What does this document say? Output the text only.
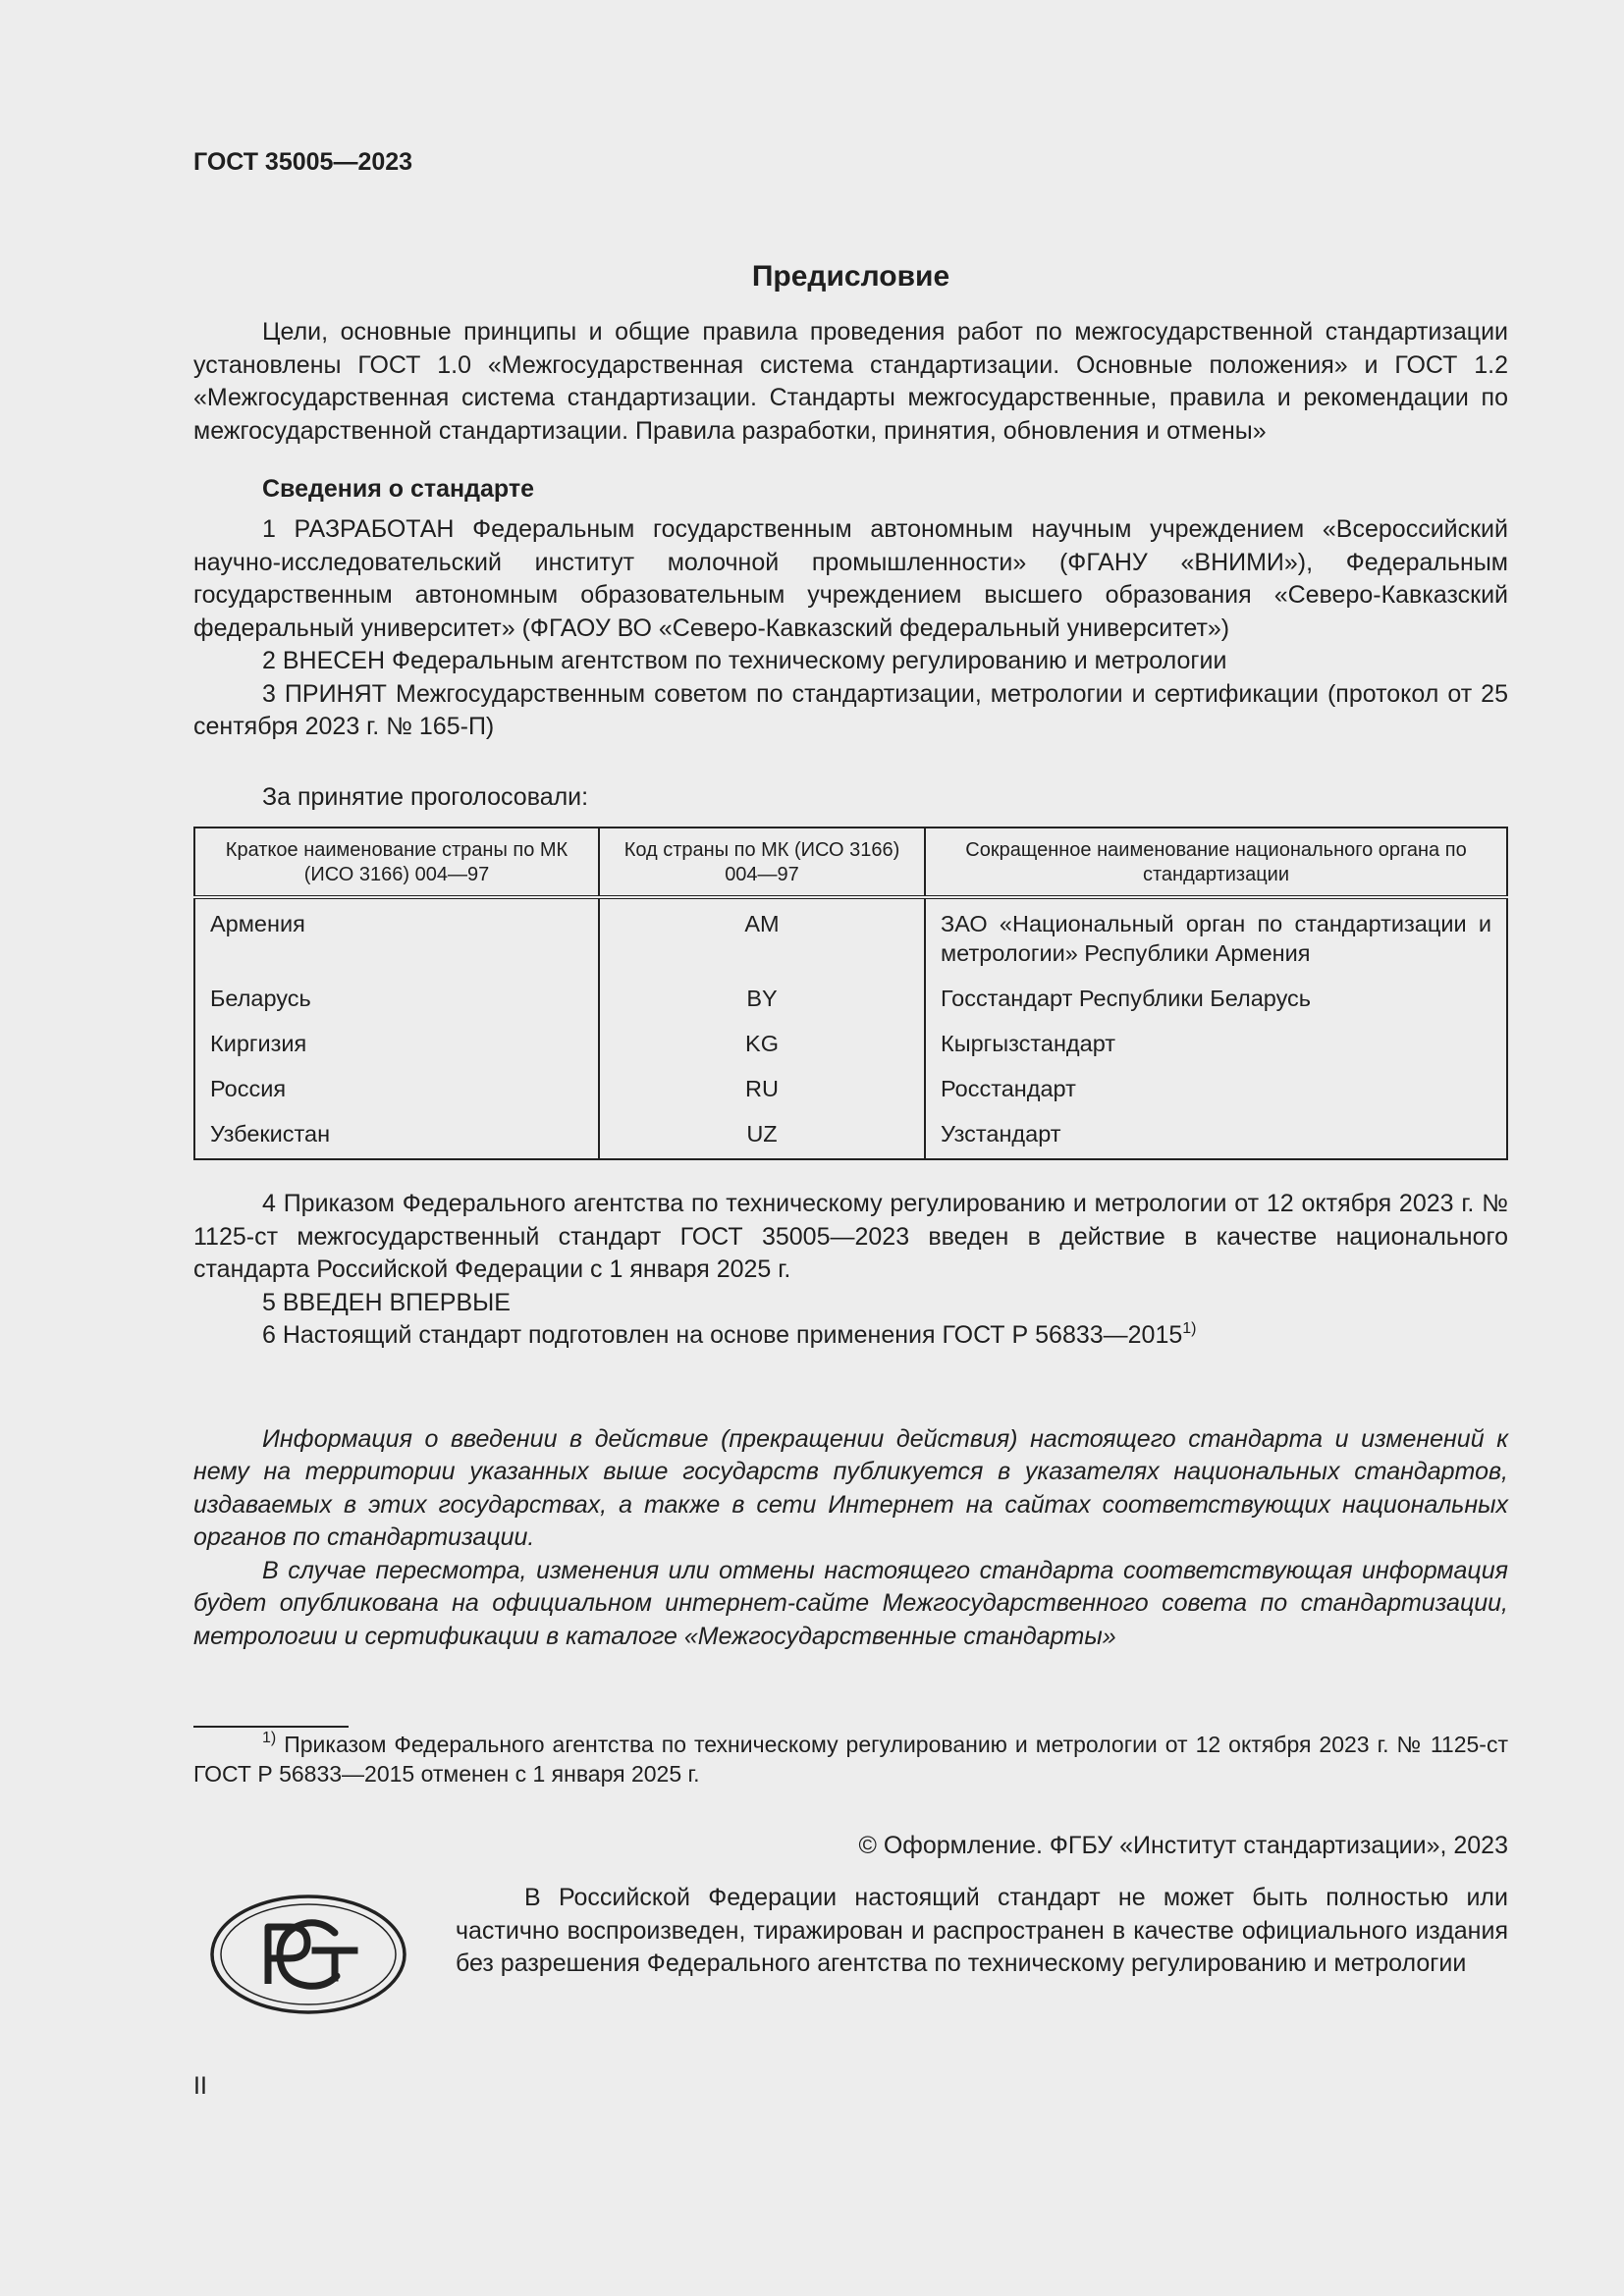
ГОСТ 35005—2023
Предисловие

Цели, основные принципы и общие правила проведения работ по межгосударственной стандартизации установлены ГОСТ 1.0 «Межгосударственная система стандартизации. Основные положения» и ГОСТ 1.2 «Межгосударственная система стандартизации. Стандарты межгосударственные, правила и рекомендации по межгосударственной стандартизации. Правила разработки, принятия, обновления и отмены»

Сведения о стандарте

1 РАЗРАБОТАН Федеральным государственным автономным научным учреждением «Всероссийский научно-исследовательский институт молочной промышленности» (ФГАНУ «ВНИМИ»), Федеральным государственным автономным образовательным учреждением высшего образования «Северо-Кавказский федеральный университет» (ФГАОУ ВО «Северо-Кавказский федеральный университет»)

2 ВНЕСЕН Федеральным агентством по техническому регулированию и метрологии

3 ПРИНЯТ Межгосударственным советом по стандартизации, метрологии и сертификации (протокол от 25 сентября 2023 г. № 165-П)

За принятие проголосовали:

Краткое наименование страны по МК (ИСО 3166) 004—97	Код страны по МК (ИСО 3166) 004—97	Сокращенное наименование национального органа по стандартизации
Армения	AM	ЗАО «Национальный орган по стандартизации и метрологии» Республики Армения
Беларусь	BY	Госстандарт Республики Беларусь
Киргизия	KG	Кыргызстандарт
Россия	RU	Росстандарт
Узбекистан	UZ	Узстандарт

4 Приказом Федерального агентства по техническому регулированию и метрологии от 12 октября 2023 г. № 1125-ст межгосударственный стандарт ГОСТ 35005—2023 введен в действие в качестве национального стандарта Российской Федерации с 1 января 2025 г.

5 ВВЕДЕН ВПЕРВЫЕ

6 Настоящий стандарт подготовлен на основе применения ГОСТ Р 56833—2015$^{1)}$

Информация о введении в действие (прекращении действия) настоящего стандарта и изменений к нему на территории указанных выше государств публикуется в указателях национальных стандартов, издаваемых в этих государствах, а также в сети Интернет на сайтах соответствующих национальных органов по стандартизации.

В случае пересмотра, изменения или отмены настоящего стандарта соответствующая информация будет опубликована на официальном интернет-сайте Межгосударственного совета по стандартизации, метрологии и сертификации в каталоге «Межгосударственные стандарты»

$^{1)}$ Приказом Федерального агентства по техническому регулированию и метрологии от 12 октября 2023 г. № 1125-ст ГОСТ Р 56833—2015 отменен с 1 января 2025 г.

© Оформление. ФГБУ «Институт стандартизации», 2023

В Российской Федерации настоящий стандарт не может быть полностью или частично воспроизведен, тиражирован и распространен в качестве официального издания без разрешения Федерального агентства по техническому регулированию и метрологии

II
